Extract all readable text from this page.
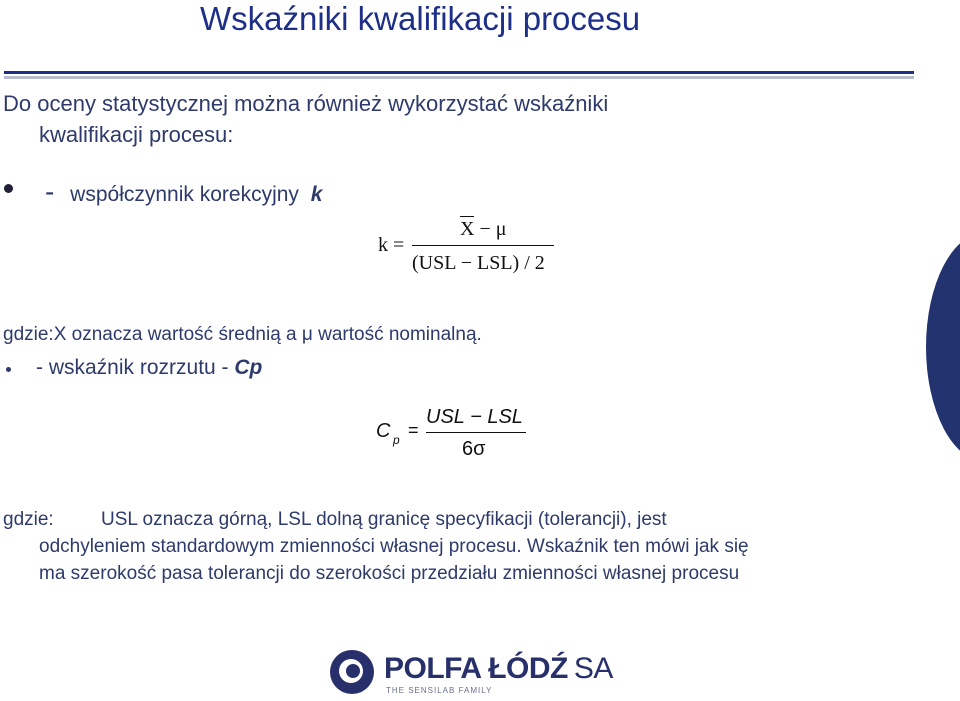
Wskaźniki kwalifikacji procesu
Do oceny statystycznej można również wykorzystać wskaźniki
kwalifikacji procesu:
- współczynnik korekcyjny k
k =
X − μ
(USL − LSL) / 2
gdzie:X oznacza wartość średnią a μ wartość nominalną.
- wskaźnik rozrzutu - Cp
C p =
USL − LSL
6σ
gdzie: USL oznacza górną, LSL dolną granicę specyfikacji (tolerancji), jest
odchyleniem standardowym zmienności własnej procesu. Wskaźnik ten mówi jak się
ma szerokość pasa tolerancji do szerokości przedziału zmienności własnej procesu
POLFA ŁÓDŹ SA
THE SENSILAB FAMILY
